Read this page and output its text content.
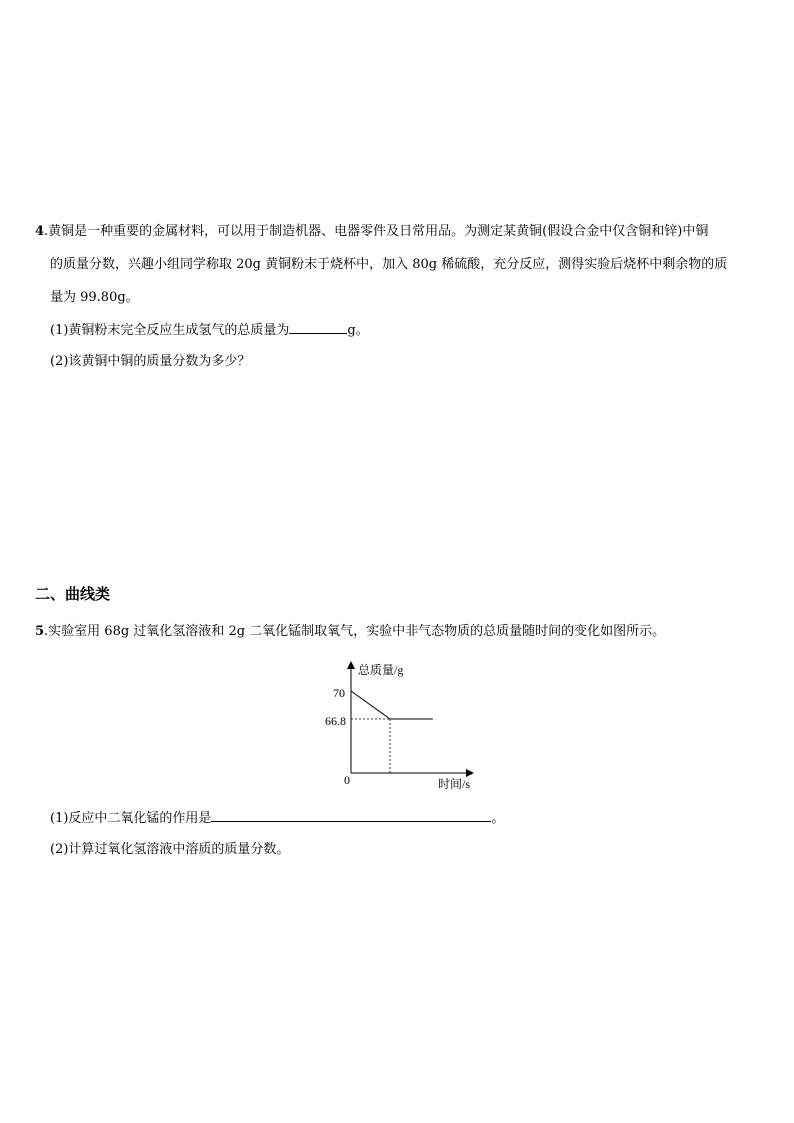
4.黄铜是一种重要的金属材料，可以用于制造机器、电器零件及日常用品。为测定某黄铜(假设合金中仅含铜和锌)中铜
的质量分数，兴趣小组同学称取 20g 黄铜粉末于烧杯中，加入 80g 稀硫酸，充分反应，测得实验后烧杯中剩余物的质
量为 99.80g。
(1)黄铜粉末完全反应生成氢气的总质量为	g。
(2)该黄铜中铜的质量分数为多少？
二、曲线类
5.实验室用 68g 过氧化氢溶液和 2g 二氧化锰制取氧气，实验中非气态物质的总质量随时间的变化如图所示。
总质量/g
时间/s
0
70
66.8
(1)反应中二氧化锰的作用是	。
(2)计算过氧化氢溶液中溶质的质量分数。
